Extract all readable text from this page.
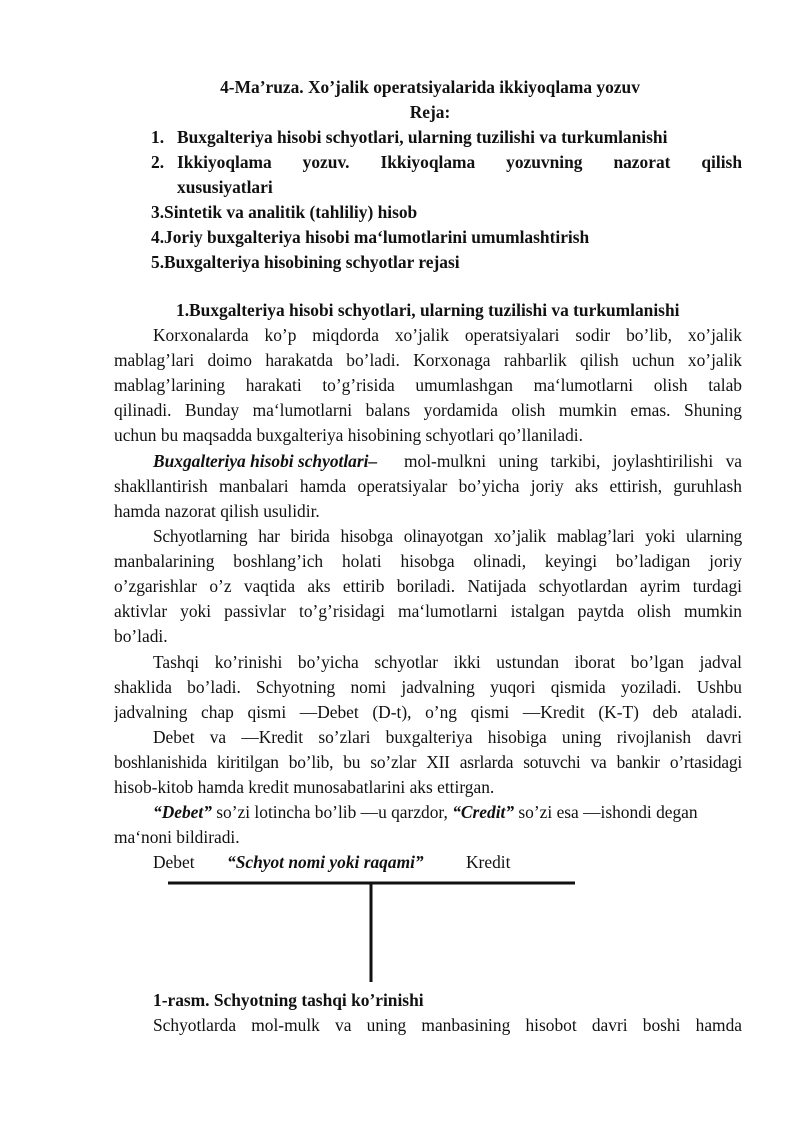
4-Ma’ruza. Xo’jalik operatsiyalarida ikkiyoqlama yozuv
Reja:
1. Buxgalteriya hisobi schyotlari, ularning tuzilishi va turkumlanishi
2. Ikkiyoqlama yozuv. Ikkiyoqlama yozuvning nazorat qilish
xususiyatlari
3.Sintetik va analitik (tahliliy) hisob
4.Joriy buxgalteriya hisobi ma‘lumotlarini umumlashtirish
5.Buxgalteriya hisobining schyotlar rejasi
1.Buxgalteriya hisobi schyotlari, ularning tuzilishi va turkumlanishi
Korxonalarda ko’p miqdorda xo’jalik operatsiyalari sodir bo’lib, xo’jalik
mablag’lari doimo harakatda bo’ladi. Korxonaga rahbarlik qilish uchun xo’jalik
mablag’larining harakati to’g’risida umumlashgan ma‘lumotlarni olish talab
qilinadi. Bunday ma‘lumotlarni balans yordamida olish mumkin emas. Shuning
uchun bu maqsadda buxgalteriya hisobining schyotlari qo’llaniladi.
Buxgalteriya hisobi schyotlari– mol-mulkni uning tarkibi, joylashtirilishi va
shakllantirish manbalari hamda operatsiyalar bo’yicha joriy aks ettirish, guruhlash
hamda nazorat qilish usulidir.
Schyotlarning har birida hisobga olinayotgan xo’jalik mablag’lari yoki ularning
manbalarining boshlang’ich holati hisobga olinadi, keyingi bo’ladigan joriy
o’zgarishlar o’z vaqtida aks ettirib boriladi. Natijada schyotlardan ayrim turdagi
aktivlar yoki passivlar to’g’risidagi ma‘lumotlarni istalgan paytda olish mumkin
bo’ladi.
Tashqi ko’rinishi bo’yicha schyotlar ikki ustundan iborat bo’lgan jadval
shaklida bo’ladi. Schyotning nomi jadvalning yuqori qismida yoziladi. Ushbu
jadvalning chap qismi —Debet (D-t), o’ng qismi —Kredit (K-T) deb ataladi.
Debet va —Kredit so’zlari buxgalteriya hisobiga uning rivojlanish davri
boshlanishida kiritilgan bo’lib, bu so’zlar XII asrlarda sotuvchi va bankir o’rtasidagi
hisob-kitob hamda kredit munosabatlarini aks ettirgan.
“Debet” so’zi lotincha bo’lib —u qarzdor, “Credit” so’zi esa —ishondi degan
ma‘noni bildiradi.
Debet “Schyot nomi yoki raqami” Kredit
1-rasm. Schyotning tashqi ko’rinishi
Schyotlarda mol-mulk va uning manbasining hisobot davri boshi hamda
